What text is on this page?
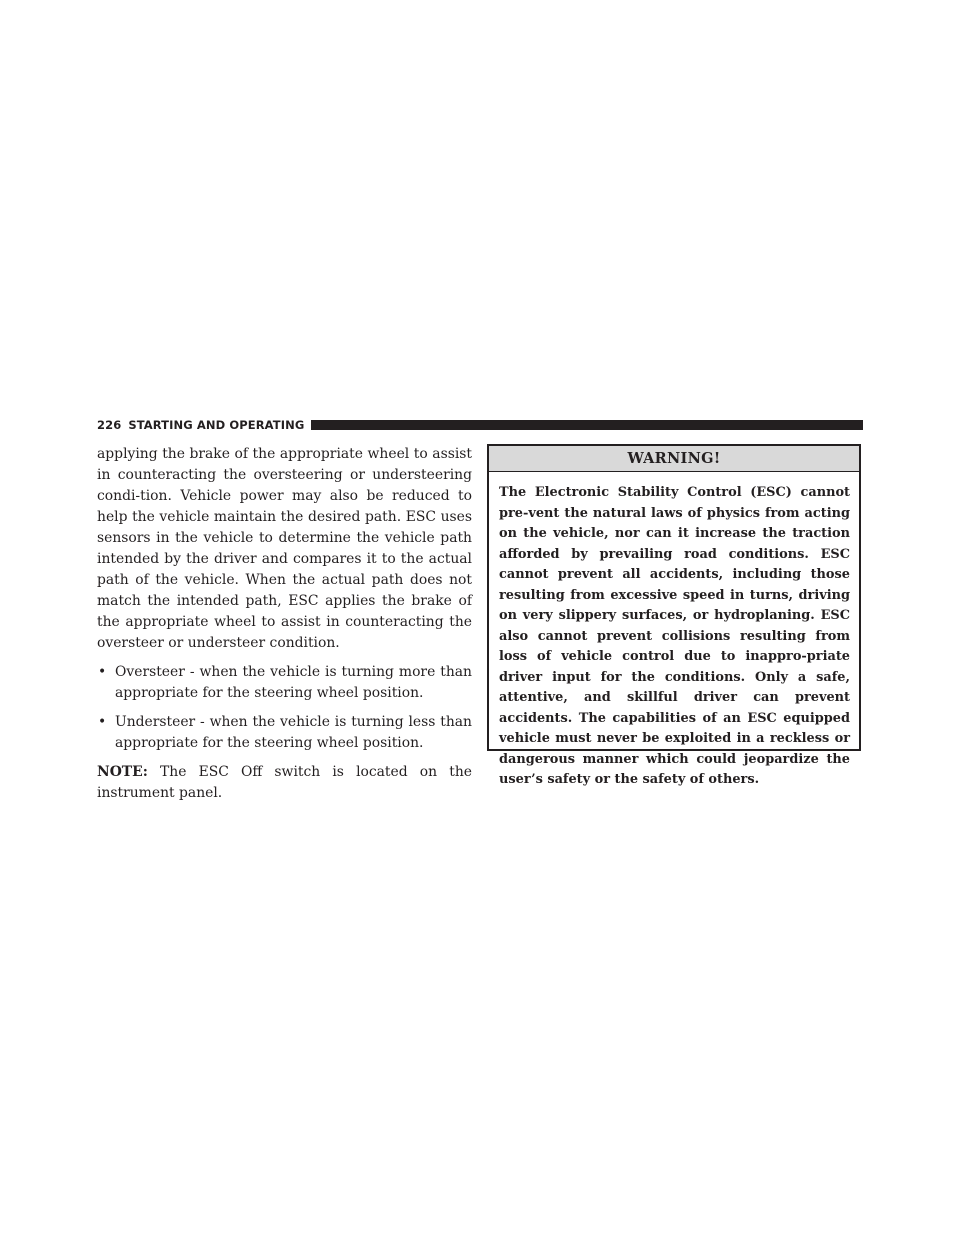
226 STARTING AND OPERATING

applying the brake of the appropriate wheel to assist in counteracting the oversteering or understeering condi-tion. Vehicle power may also be reduced to help the vehicle maintain the desired path. ESC uses sensors in the vehicle to determine the vehicle path intended by the driver and compares it to the actual path of the vehicle. When the actual path does not match the intended path, ESC applies the brake of the appropriate wheel to assist in counteracting the oversteer or understeer condition.

• Oversteer - when the vehicle is turning more than appropriate for the steering wheel position.
• Understeer - when the vehicle is turning less than appropriate for the steering wheel position.

NOTE: The ESC Off switch is located on the instrument panel.

WARNING!
The Electronic Stability Control (ESC) cannot pre-vent the natural laws of physics from acting on the vehicle, nor can it increase the traction afforded by prevailing road conditions. ESC cannot prevent all accidents, including those resulting from excessive speed in turns, driving on very slippery surfaces, or hydroplaning. ESC also cannot prevent collisions resulting from loss of vehicle control due to inappro-priate driver input for the conditions. Only a safe, attentive, and skillful driver can prevent accidents. The capabilities of an ESC equipped vehicle must never be exploited in a reckless or dangerous manner which could jeopardize the user’s safety or the safety of others.
